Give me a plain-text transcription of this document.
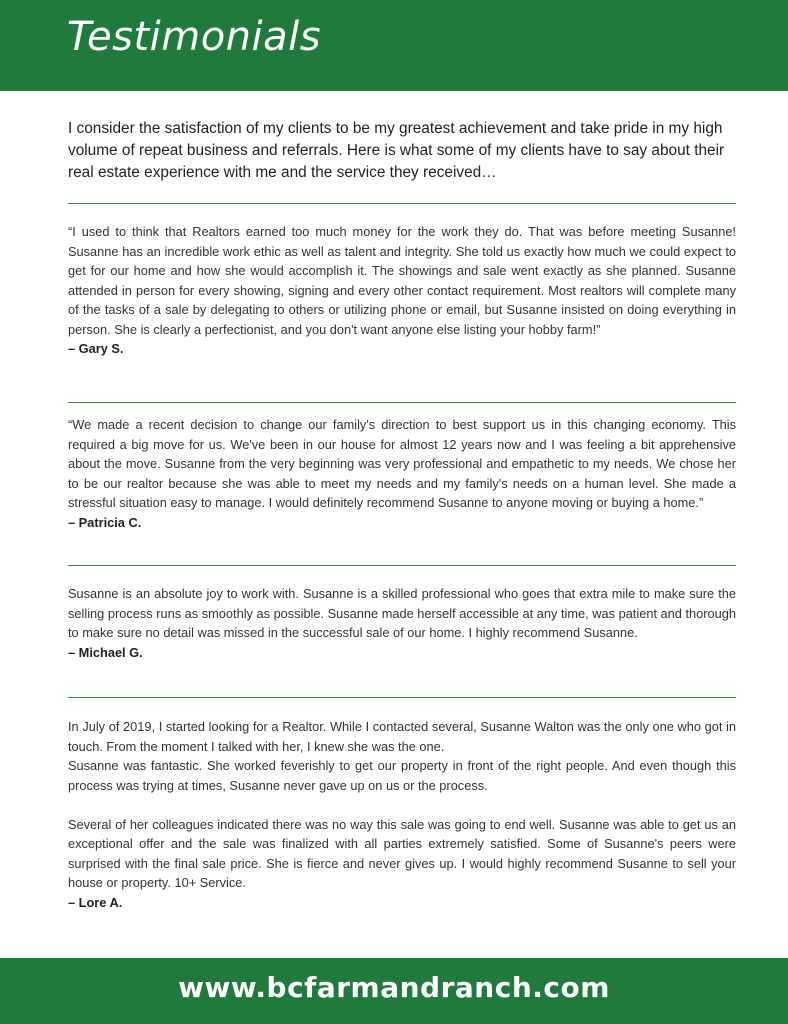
Testimonials

I consider the satisfaction of my clients to be my greatest achievement and take pride in my high volume of repeat business and referrals. Here is what some of my clients have to say about their real estate experience with me and the service they received…

“I used to think that Realtors earned too much money for the work they do. That was before meeting Susanne! Susanne has an incredible work ethic as well as talent and integrity. She told us exactly how much we could expect to get for our home and how she would accomplish it. The showings and sale went exactly as she planned. Susanne attended in person for every showing, signing and every other contact requirement. Most realtors will complete many of the tasks of a sale by delegating to others or utilizing phone or email, but Susanne insisted on doing everything in person. She is clearly a perfectionist, and you don't want anyone else listing your hobby farm!”

– Gary S.

“We made a recent decision to change our family's direction to best support us in this changing economy. This required a big move for us. We've been in our house for almost 12 years now and I was feeling a bit apprehensive about the move. Susanne from the very beginning was very professional and empathetic to my needs. We chose her to be our realtor because she was able to meet my needs and my family's needs on a human level. She made a stressful situation easy to manage. I would definitely recommend Susanne to anyone moving or buying a home.”

– Patricia C.

Susanne is an absolute joy to work with. Susanne is a skilled professional who goes that extra mile to make sure the selling process runs as smoothly as possible. Susanne made herself accessible at any time, was patient and thorough to make sure no detail was missed in the successful sale of our home. I highly recommend Susanne.

– Michael G.

In July of 2019, I started looking for a Realtor. While I contacted several, Susanne Walton was the only one who got in touch. From the moment I talked with her, I knew she was the one.

Susanne was fantastic. She worked feverishly to get our property in front of the right people. And even though this process was trying at times, Susanne never gave up on us or the process.

Several of her colleagues indicated there was no way this sale was going to end well. Susanne was able to get us an exceptional offer and the sale was finalized with all parties extremely satisfied. Some of Susanne's peers were surprised with the final sale price. She is fierce and never gives up. I would highly recommend Susanne to sell your house or property. 10+ Service.

– Lore A.

www.bcfarmandranch.com
